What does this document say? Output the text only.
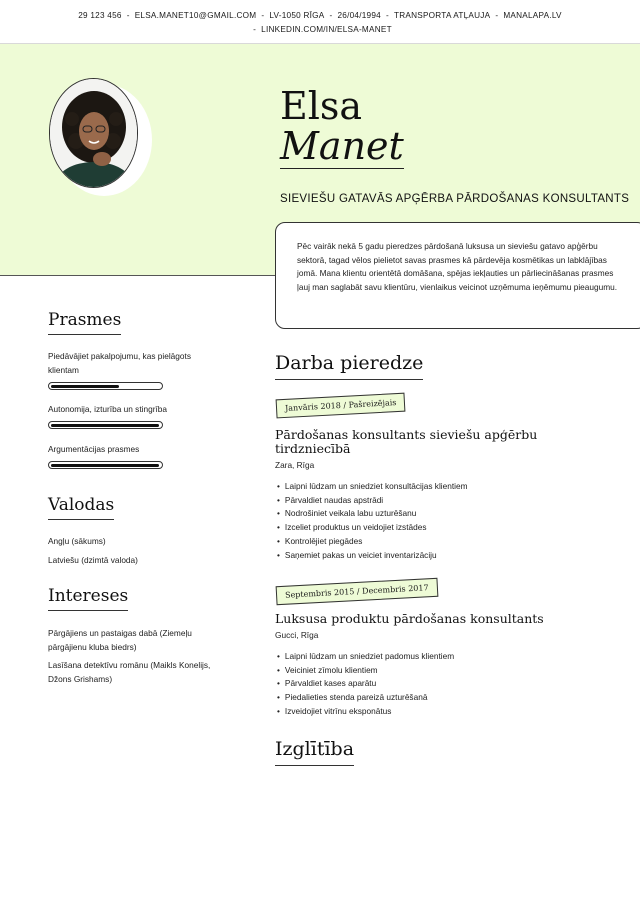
29 123 456 - ELSA.MANET10@GMAIL.COM - LV-1050 RĪGA - 26/04/1994 - TRANSPORTA ATĻAUJA - MANALAPA.LV
- LINKEDIN.COM/IN/ELSA-MANET
Elsa
Manet
SIEVIEŠU GATAVĀS APĢĒRBA PĀRDOŠANAS KONSULTANTS

Pēc vairāk nekā 5 gadu pieredzes pārdošanā luksusa un sieviešu gatavo apģērbu sektorā, tagad vēlos pielietot savas prasmes kā pārdevēja kosmētikas un labklājības jomā. Mana klientu orientētā domāšana, spējas iekļauties un pārliecināšanas prasmes ļauj man saglabāt savu klientūru, vienlaikus veicinot uzņēmuma ieņēmumu pieaugumu.

Prasmes
Piedāvājiet pakalpojumu, kas pielāgots klientam
Autonomija, izturība un stingrība
Argumentācijas prasmes
Valodas
Angļu (sākums)
Latviešu (dzimtā valoda)
Intereses
Pārgājiens un pastaigas dabā (Ziemeļu pārgājienu kluba biedrs)
Lasīšana detektīvu romānu (Maikls Konelijs, Džons Grishams)
Darba pieredze
Janvāris 2018 / Pašreizējais
Pārdošanas konsultants sieviešu apģērbu tirdzniecībā
Zara, Rīga
• Laipni lūdzam un sniedziet konsultācijas klientiem
• Pārvaldiet naudas apstrādi
• Nodrošiniet veikala labu uzturēšanu
• Izceliet produktus un veidojiet izstādes
• Kontrolējiet piegādes
• Saņemiet pakas un veiciet inventarizāciju
Septembris 2015 / Decembris 2017
Luksusa produktu pārdošanas konsultants
Gucci, Rīga
• Laipni lūdzam un sniedziet padomus klientiem
• Veiciniet zīmolu klientiem
• Pārvaldiet kases aparātu
• Piedalieties stenda pareizā uzturēšanā
• Izveidojiet vitrīnu eksponātus
Izglītība
